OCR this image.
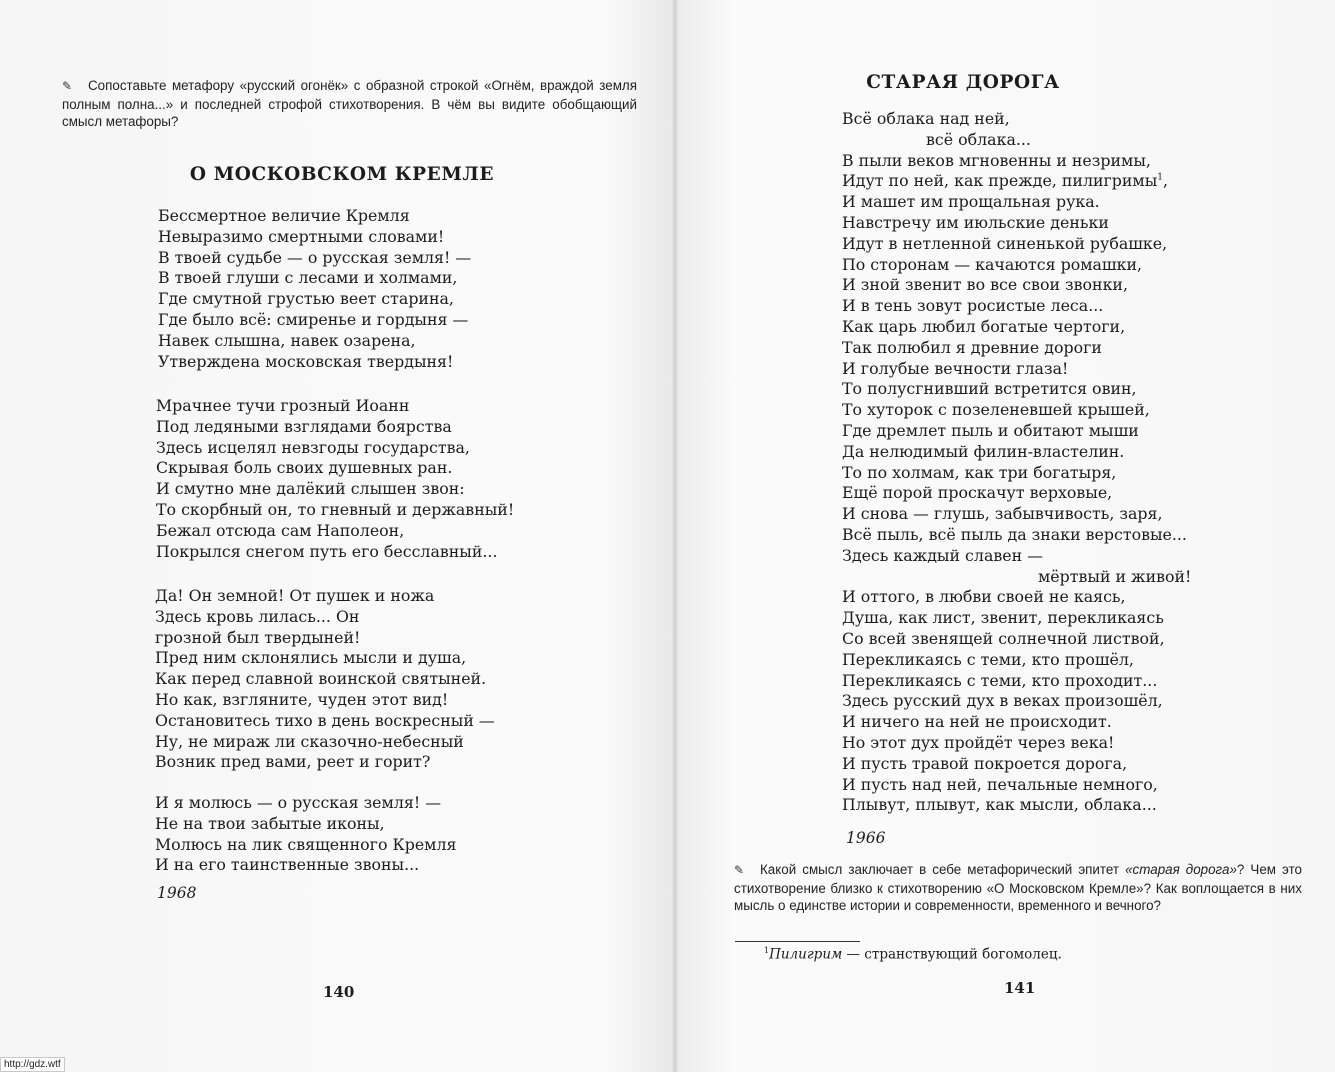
✎ Сопоставьте метафору «русский огонёк» с образной строкой «Огнём, враждой земля полным полна...» и последней строфой стихотворения. В чём вы видите обобщающий смысл метафоры?
О МОСКОВСКОМ КРЕМЛЕ
Бессмертное величие Кремля
Невыразимо смертными словами!
В твоей судьбе — о русская земля! —
В твоей глуши с лесами и холмами,
Где смутной грустью веет старина,
Где было всё: смиренье и гордыня —
Навек слышна, навек озарена,
Утверждена московская твердыня!
Мрачнее тучи грозный Иоанн
Под ледяными взглядами боярства
Здесь исцелял невзгоды государства,
Скрывая боль своих душевных ран.
И смутно мне далёкий слышен звон:
То скорбный он, то гневный и державный!
Бежал отсюда сам Наполеон,
Покрылся снегом путь его бесславный...
Да! Он земной! От пушек и ножа
Здесь кровь лилась... Он грозной был твердыней!
Пред ним склонялись мысли и душа,
Как перед славной воинской святыней.
Но как, взгляните, чуден этот вид!
Остановитесь тихо в день воскресный —
Ну, не мираж ли сказочно-небесный
Возник пред вами, реет и горит?
И я молюсь — о русская земля! —
Не на твои забытые иконы,
Молюсь на лик священного Кремля
И на его таинственные звоны...
1968
140
СТАРАЯ ДОРОГА
Всё облака над ней,
всё облака...
В пыли веков мгновенны и незримы,
Идут по ней, как прежде, пилигримы$^1$,
И машет им прощальная рука.
Навстречу им июльские деньки
Идут в нетленной синенькой рубашке,
По сторонам — качаются ромашки,
И зной звенит во все свои звонки,
И в тень зовут росистые леса...
Как царь любил богатые чертоги,
Так полюбил я древние дороги
И голубые вечности глаза!
То полусгнивший встретится овин,
То хуторок с позеленевшей крышей,
Где дремлет пыль и обитают мыши
Да нелюдимый филин-властелин.
То по холмам, как три богатыря,
Ещё порой проскачут верховые,
И снова — глушь, забывчивость, заря,
Всё пыль, всё пыль да знаки верстовые...
Здесь каждый славен —
мёртвый и живой!
И оттого, в любви своей не каясь,
Душа, как лист, звенит, перекликаясь
Со всей звенящей солнечной листвой,
Перекликаясь с теми, кто прошёл,
Перекликаясь с теми, кто проходит...
Здесь русский дух в веках произошёл,
И ничего на ней не происходит.
Но этот дух пройдёт через века!
И пусть травой покроется дорога,
И пусть над ней, печальные немного,
Плывут, плывут, как мысли, облака...
1966
✎ Какой смысл заключает в себе метафорический эпитет «старая дорога»? Чем это стихотворение близко к стихотворению «О Московском Кремле»? Как воплощается в них мысль о единстве истории и современности, временного и вечного?
$^1$Пилигрим — странствующий богомолец.
141
http://gdz.wtf
